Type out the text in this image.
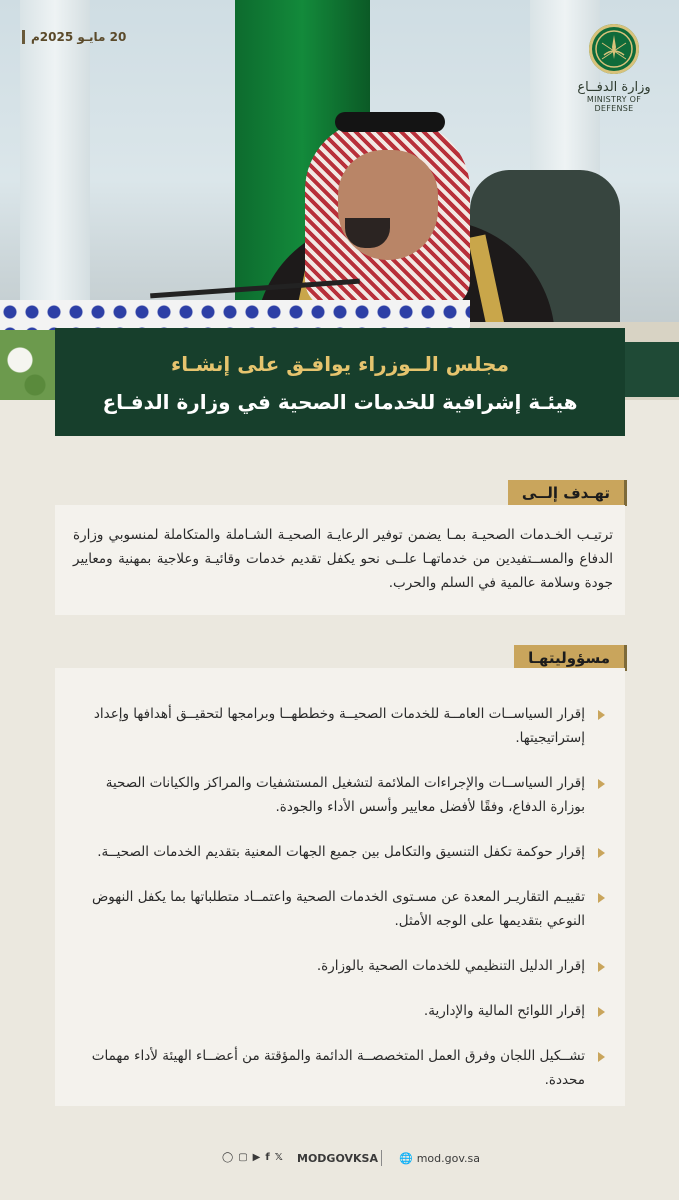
20 مايـو 2025م
وزارة الدفــاع
MINISTRY OF DEFENSE
مجلس الــوزراء يوافـق على إنشـاء
هيئـة إشرافية للخدمات الصحية في وزارة الدفـاع
تهـدف إلــى
ترتيـب الخـدمات الصحيـة بمـا يضمن توفير الرعايـة الصحيـة الشـاملة والمتكاملة لمنسوبي وزارة الدفاع والمســتفيدين من خدماتهـا علــى نحو يكفل تقديم خدمات وقائيـة وعلاجية بمهنية ومعايير جودة وسلامة عالمية في السلم والحرب.
مسؤوليتهـا
إقرار السياســات العامــة للخدمات الصحيــة وخططهــا وبرامجها لتحقيــق أهدافها وإعداد إستراتيجيتها.
إقرار السياســات والإجراءات الملائمة لتشغيل المستشفيات والمراكز والكيانات الصحية بوزارة الدفاع، وفقًا لأفضل معايير وأسس الأداء والجودة.
إقرار حوكمة تكفل التنسيق والتكامل بين جميع الجهات المعنية بتقديم الخدمات الصحيــة.
تقييـم التقاريـر المعدة عن مسـتوى الخدمات الصحية واعتمــاد متطلباتها بما يكفل النهوض النوعي بتقديمها على الوجه الأمثل.
إقرار الدليل التنظيمي للخدمات الصحية بالوزارة.
إقرار اللوائح المالية والإدارية.
تشــكيل اللجان وفرق العمل المتخصصــة الدائمة والمؤقتة من أعضــاء الهيئة لأداء مهمات محددة.
◯ ▢ ▶ f 𝕏 MODGOVKSA 🌐 mod.gov.sa
